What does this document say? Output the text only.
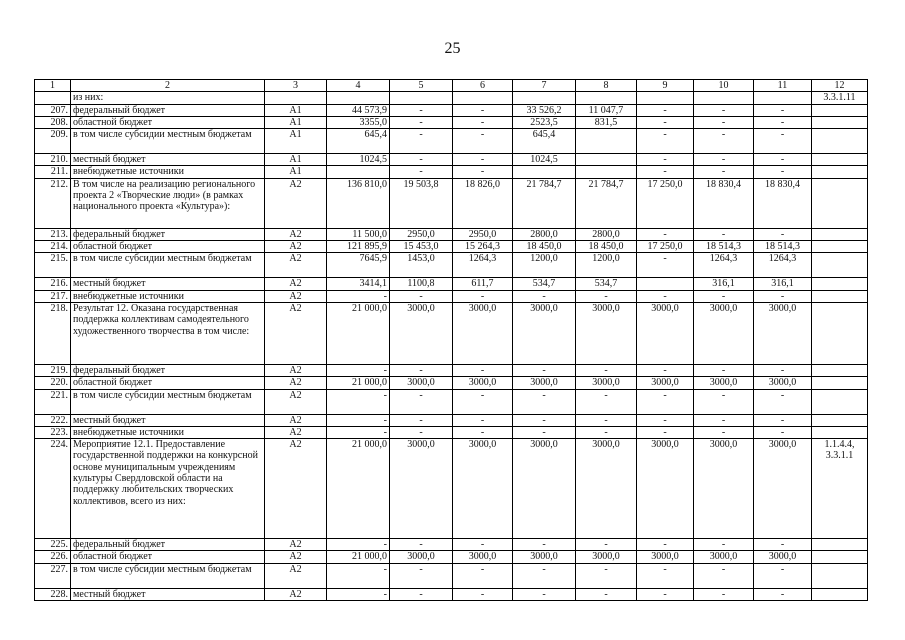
25
1	2	3	4	5	6	7	8	9	10	11	12
	из них:										3.3.1.11
207.	федеральный бюджет	А1	44 573,9	-	-	33 526,2	11 047,7	-	-	-	
208.	областной бюджет	А1	3355,0	-	-	2523,5	831,5	-	-	-	
209.	в том числе субсидии местным бюджетам	А1	645,4	-	-	645,4		-	-	-	
210.	местный бюджет	А1	1024,5	-	-	1024,5		-	-	-	
211.	внебюджетные источники	А1		-	-			-	-	-	
212.	В том числе на реализацию регионального проекта 2 «Творческие люди» (в рамках национального проекта «Культура»):	А2	136 810,0	19 503,8	18 826,0	21 784,7	21 784,7	17 250,0	18 830,4	18 830,4	
213.	федеральный бюджет	А2	11 500,0	2950,0	2950,0	2800,0	2800,0	-	-	-	
214.	областной бюджет	А2	121 895,9	15 453,0	15 264,3	18 450,0	18 450,0	17 250,0	18 514,3	18 514,3	
215.	в том числе субсидии местным бюджетам	А2	7645,9	1453,0	1264,3	1200,0	1200,0	-	1264,3	1264,3	
216.	местный бюджет	А2	3414,1	1100,8	611,7	534,7	534,7		316,1	316,1	
217.	внебюджетные источники	А2	-	-	-	-	-	-	-	-	
218.	Результат 12. Оказана государственная поддержка коллективам самодеятельного художественного творчества в том числе:	А2	21 000,0	3000,0	3000,0	3000,0	3000,0	3000,0	3000,0	3000,0	
219.	федеральный бюджет	А2	-	-	-	-	-	-	-	-	
220.	областной бюджет	А2	21 000,0	3000,0	3000,0	3000,0	3000,0	3000,0	3000,0	3000,0	
221.	в том числе субсидии местным бюджетам	А2	-	-	-	-	-	-	-	-	
222.	местный бюджет	А2	-	-	-	-	-	-	-	-	
223.	внебюджетные источники	А2	-	-	-	-	-	-	-	-	
224.	Мероприятие 12.1. Предоставление государственной поддержки на конкурсной основе муниципальным учреждениям культуры Свердловской области на поддержку любительских творческих коллективов, всего из них:	А2	21 000,0	3000,0	3000,0	3000,0	3000,0	3000,0	3000,0	3000,0	1.1.4.4, 3.3.1.1
225.	федеральный бюджет	А2	-	-	-	-	-	-	-	-	
226.	областной бюджет	А2	21 000,0	3000,0	3000,0	3000,0	3000,0	3000,0	3000,0	3000,0	
227.	в том числе субсидии местным бюджетам	А2	-	-	-	-	-	-	-	-	
228.	местный бюджет	А2	-	-	-	-	-	-	-	-	
